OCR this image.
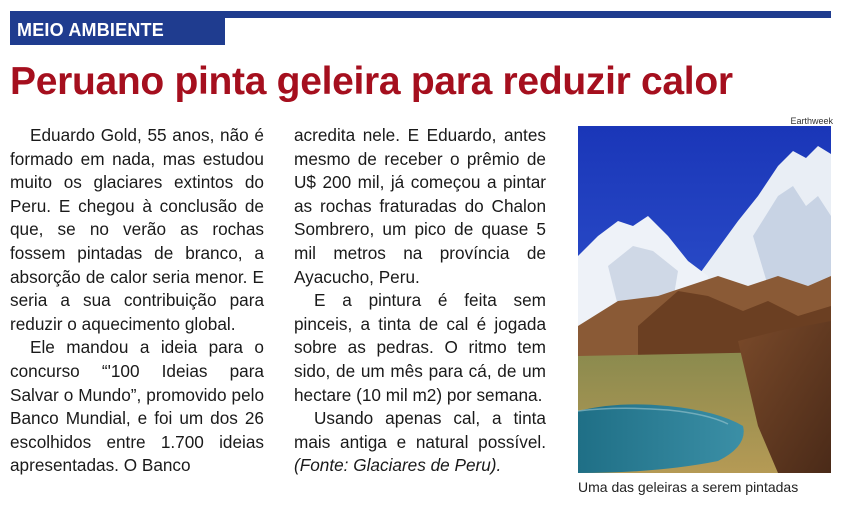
MEIO AMBIENTE
Peruano pinta geleira para reduzir calor

Eduardo Gold, 55 anos, não é formado em nada, mas estudou muito os glaciares extintos do Peru. E chegou à conclusão de que, se no verão as rochas fossem pintadas de branco, a absorção de calor seria menor. E seria a sua contribuição para reduzir o aquecimento global.

Ele mandou a ideia para o concurso “'100 Ideias para Salvar o Mundo”, promovido pelo Banco Mundial, e foi um dos 26 escolhidos entre 1.700 ideias apresentadas. O Banco

acredita nele. E Eduardo, antes mesmo de receber o prêmio de U$ 200 mil, já começou a pintar as rochas fraturadas do Chalon Sombrero, um pico de quase 5 mil metros na província de Ayacucho, Peru.

E a pintura é feita sem pinceis, a tinta de cal é jogada sobre as pedras. O ritmo tem sido, de um mês para cá, de um hectare (10 mil m2) por semana.

Usando apenas cal, a tinta mais antiga e natural possível. (Fonte: Glaciares de Peru).

Earthweek
Uma das geleiras a serem pintadas
